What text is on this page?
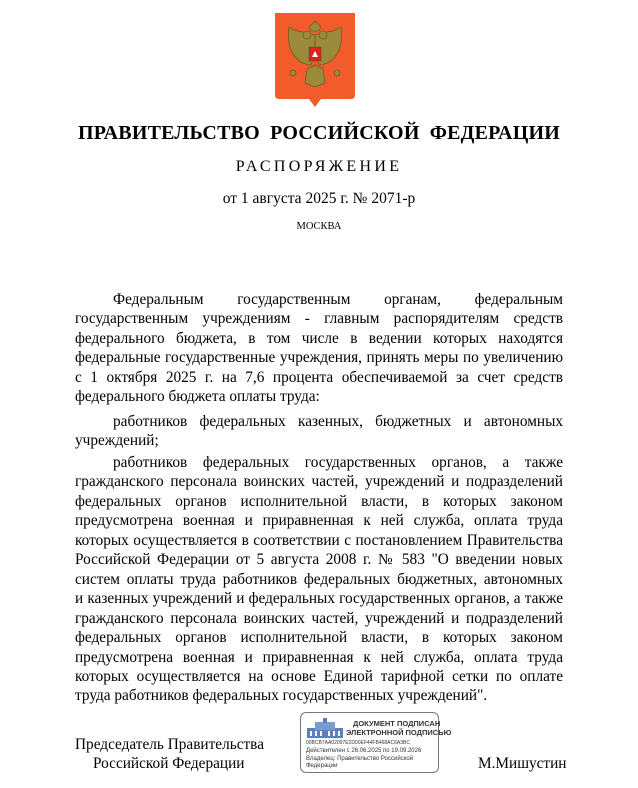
ПРАВИТЕЛЬСТВО РОССИЙСКОЙ ФЕДЕРАЦИИ
РАСПОРЯЖЕНИЕ
от 1 августа 2025 г. № 2071-р
МОСКВА
Федеральным государственным органам, федеральным
государственным учреждениям - главным распорядителям средств
федерального бюджета, в том числе в ведении которых находятся
федеральные государственные учреждения, принять меры по увеличению
с 1 октября 2025 г. на 7,6 процента обеспечиваемой за счет средств
федерального бюджета оплаты труда:
работников федеральных казенных, бюджетных и автономных
учреждений;
работников федеральных государственных органов, а также
гражданского персонала воинских частей, учреждений и подразделений
федеральных органов исполнительной власти, в которых законом
предусмотрена военная и приравненная к ней служба, оплата труда
которых осуществляется в соответствии с постановлением Правительства
Российской Федерации от 5 августа 2008 г. № 583 "О введении новых
систем оплаты труда работников федеральных бюджетных, автономных
и казенных учреждений и федеральных государственных органов, а также
гражданского персонала воинских частей, учреждений и подразделений
федеральных органов исполнительной власти, в которых законом
предусмотрена военная и приравненная к ней служба, оплата труда
которых осуществляется на основе Единой тарифной сетки по оплате
труда работников федеральных государственных учреждений".
Председатель Правительства
Российской Федерации	М.Мишустин
ДОКУМЕНТ ПОДПИСАН
ЭЛЕКТРОННОЙ ПОДПИСЬЮ
00BCB7AA02097E2D00EF44FB468AC6A3BC
Действителен с 26.06.2025 по 19.09.2026
Владелец: Правительство Российской
Федерации
